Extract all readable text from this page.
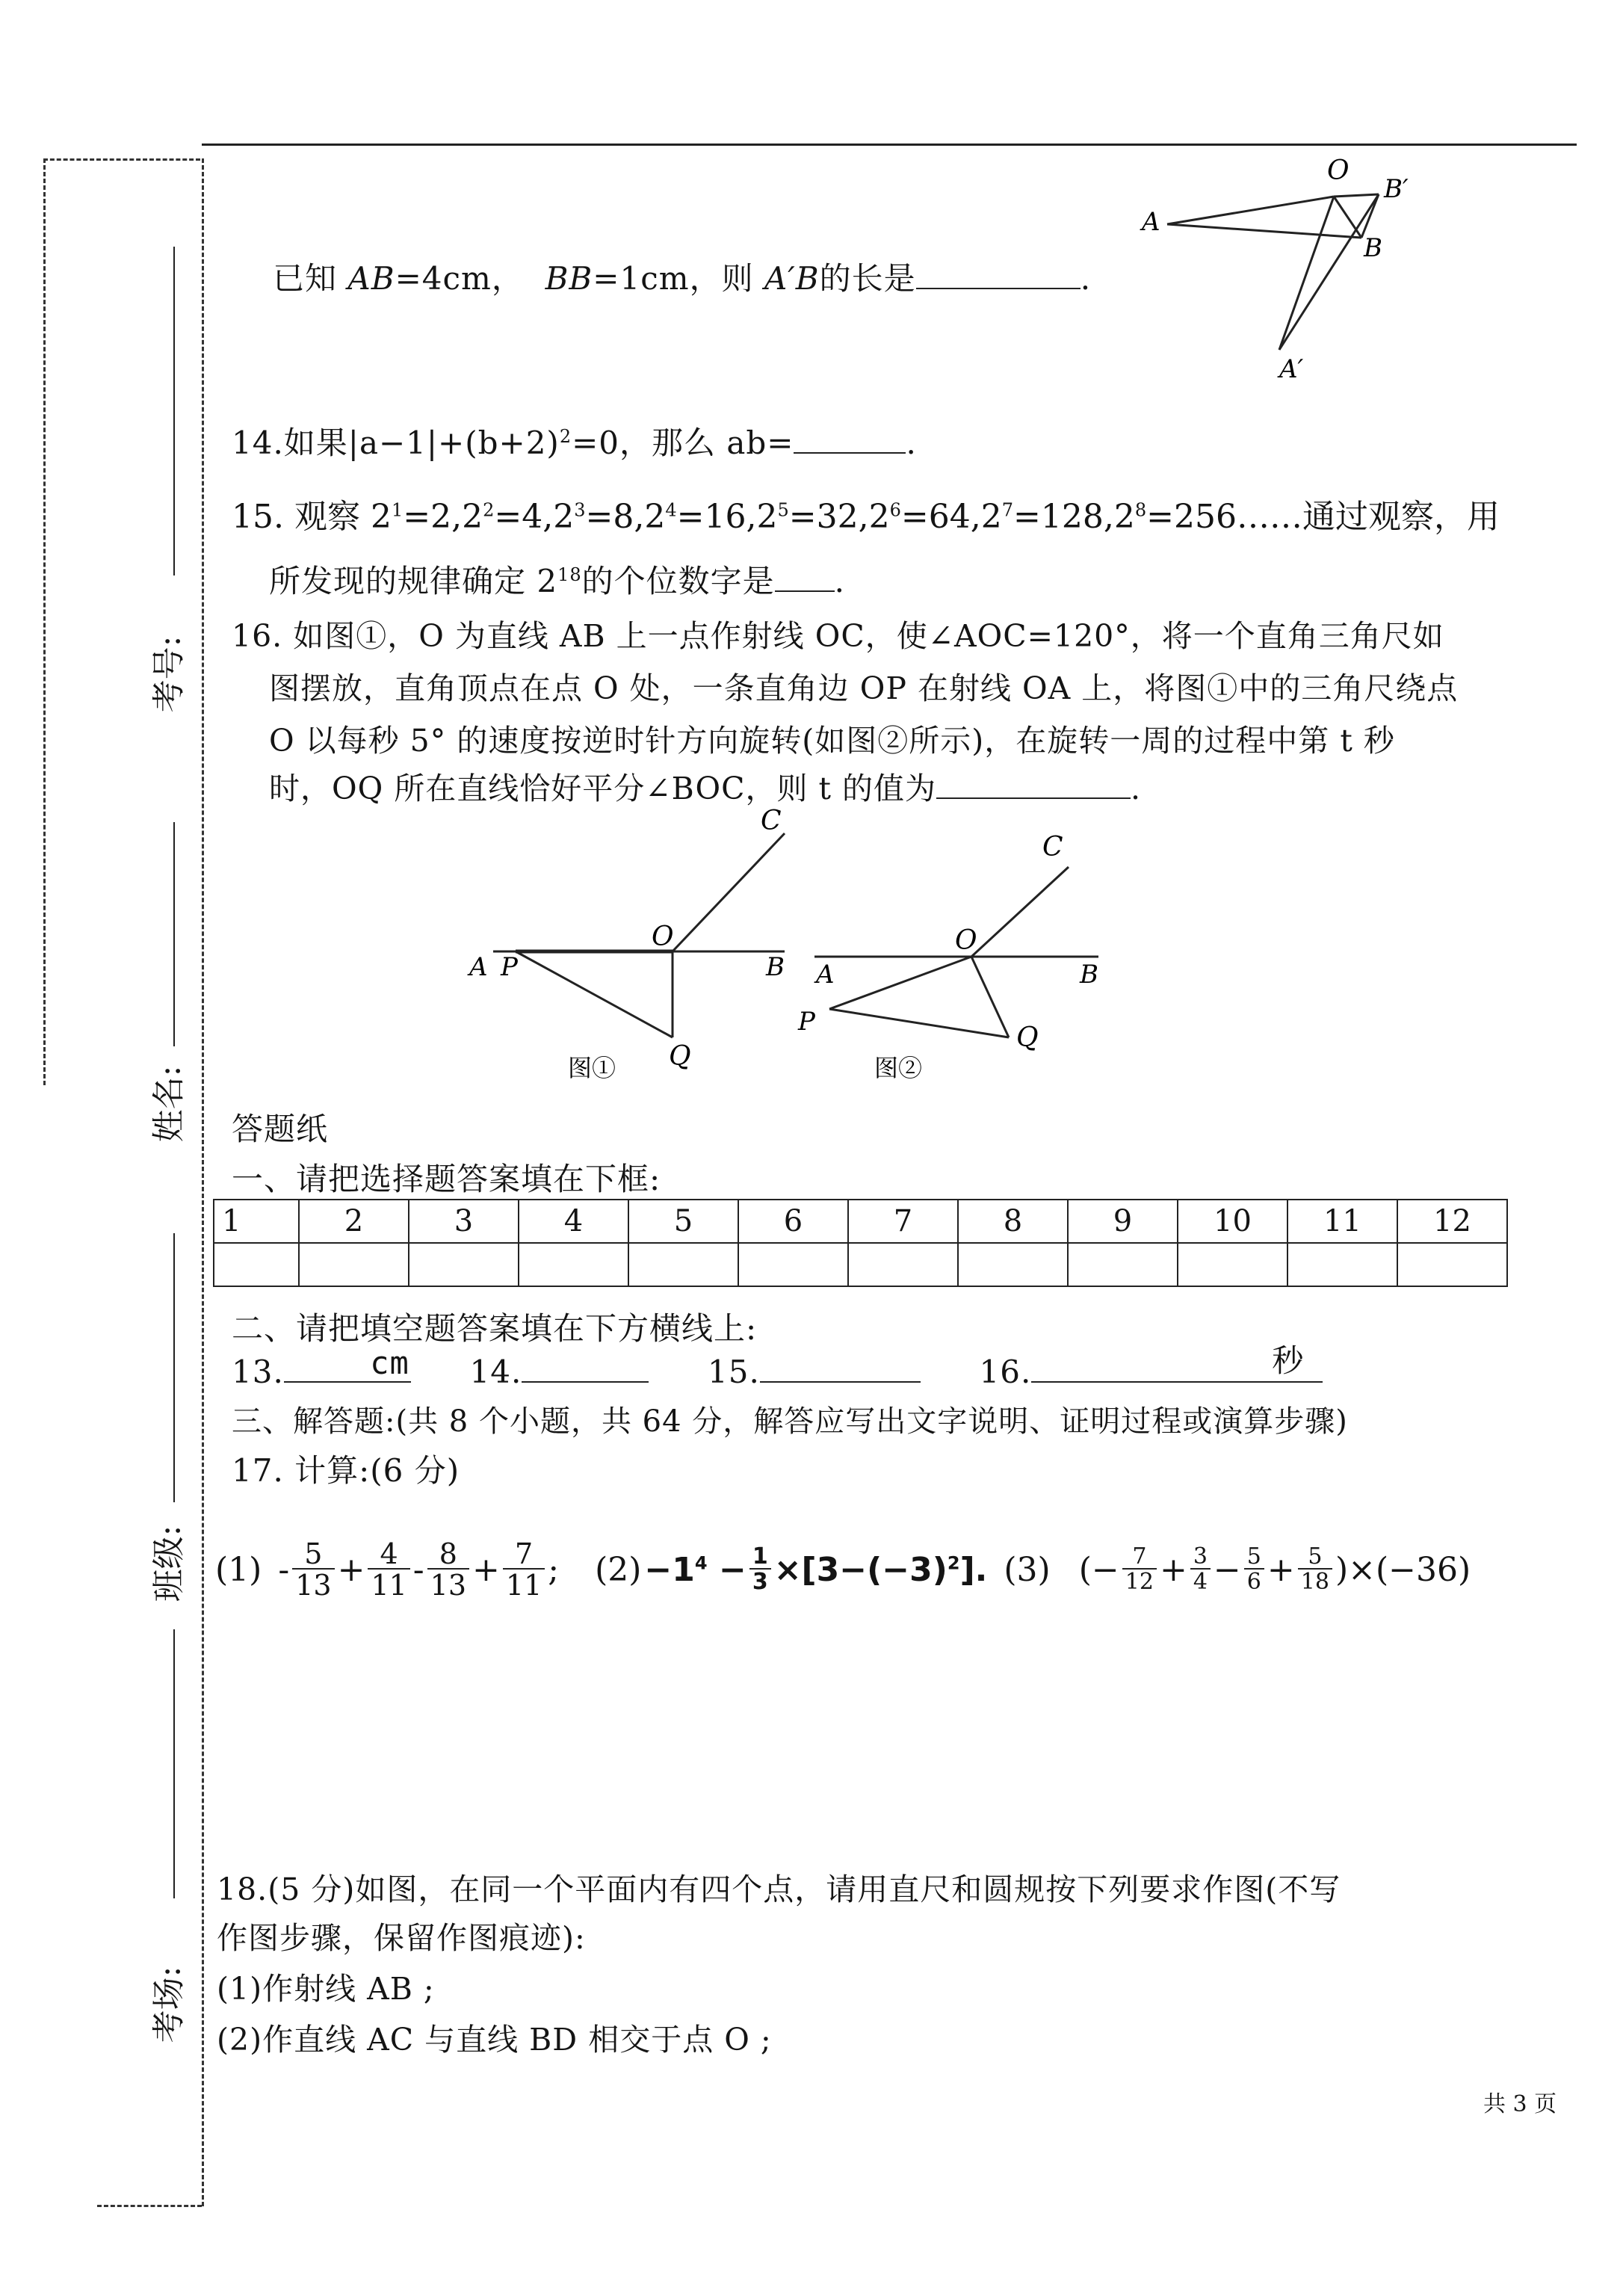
考号:
姓名:
班级:
考场:
已知 AB=4cm， BB=1cm，则 A′B的长是	.
O
B′
A
B
A′
14.如果$|a-1|+(b+2)^2=0$，那么 ab=	.
15. 观察 $2^1=2,2^2=4,2^3=8,2^4=16,2^5=32,2^6=64,2^7=128,2^8=256\dots\dots$通过观察，用
所发现的规律确定 $2^{18}$的个位数字是 .
16. 如图①，O 为直线 AB 上一点作射线 OC，使∠AOC=120°，将一个直角三角尺如
图摆放，直角顶点在点 O 处，一条直角边 OP 在射线 OA 上，将图①中的三角尺绕点
O 以每秒 5° 的速度按逆时针方向旋转(如图②所示)，在旋转一周的过程中第 t 秒
时，OQ 所在直线恰好平分∠BOC，则 t 的值为	.
C
O
A P	B
Q
图①
C
O
A	B
P
Q
图②
答题纸
一、请把选择题答案填在下框:
1	2	3	4	5	6	7	8	9	10	11	12

二、请把填空题答案填在下方横线上:
13.	cm 14.	15.	16.	秒
三、解答题:(共 8 个小题，共 64 分，解答应写出文字说明、证明过程或演算步骤)
17. 计算:(6 分)
$(1) - \frac{5}{13} + \frac{4}{11} - \frac{8}{13} + \frac{7}{11}$ ; $(2) -1^4 - \frac{1}{3} \times[3-(-3)^2]$. (3) (− $\frac{7}{12} + \frac{3}{4} - \frac{5}{6} + \frac{5}{18} )\times(-36)$
18.(5 分)如图，在同一个平面内有四个点，请用直尺和圆规按下列要求作图(不写
作图步骤，保留作图痕迹):
(1)作射线 AB ;
(2)作直线 AC 与直线 BD 相交于点 O ;
共 3 页
